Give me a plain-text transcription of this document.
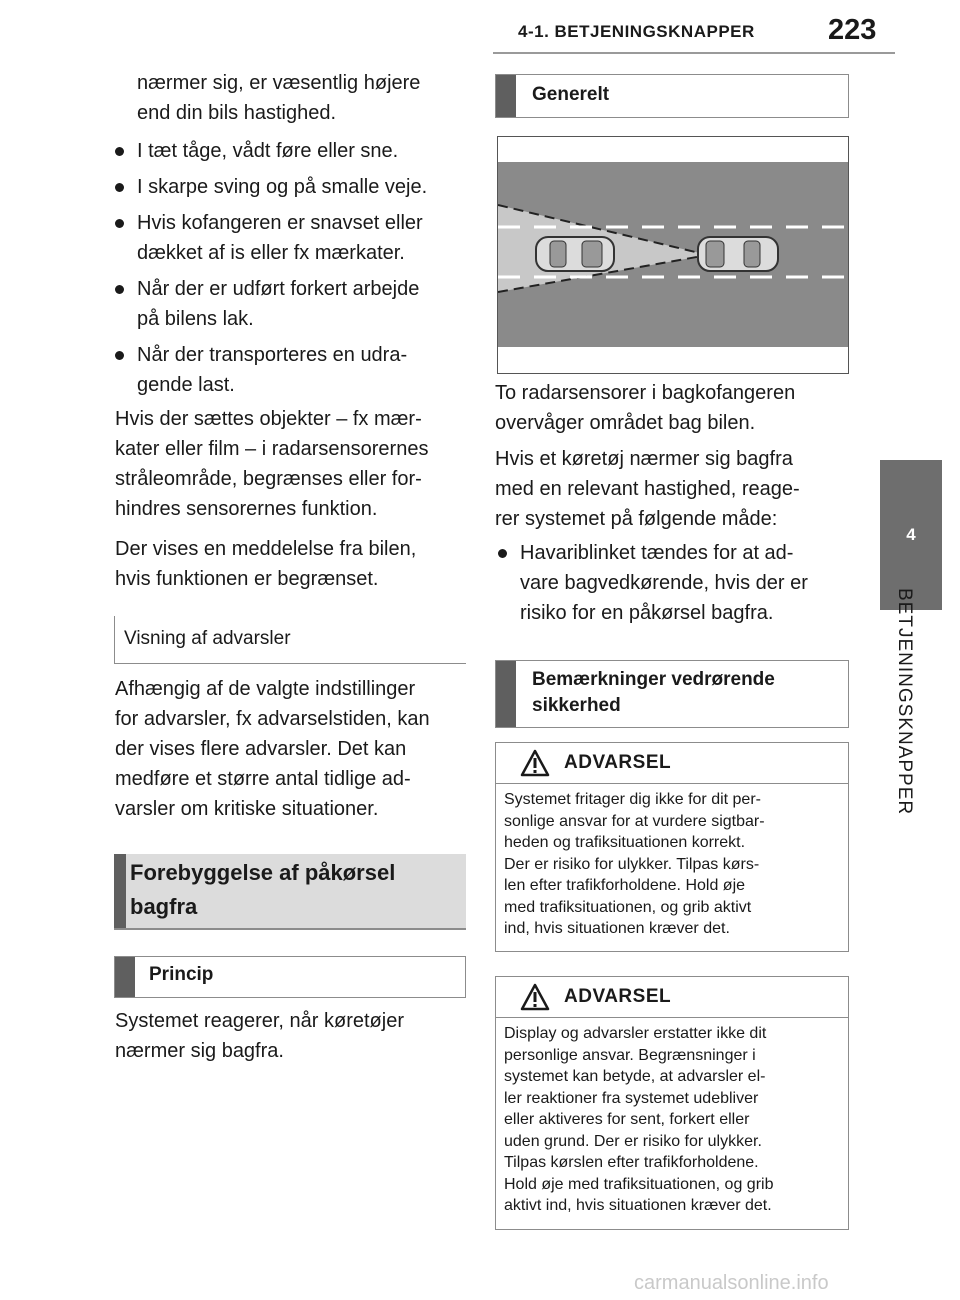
4-1. BETJENINGSKNAPPER	223
4
BETJENINGSKNAPPER
nærmer sig, er væsentlig højere
end din bils hastighed.
I tæt tåge, vådt føre eller sne.
I skarpe sving og på smalle veje.
Hvis kofangeren er snavset eller
dækket af is eller fx mærkater.
Når der er udført forkert arbejde
på bilens lak.
Når der transporteres en udra-
gende last.
Hvis der sættes objekter – fx mær-
kater eller film – i radarsensorernes
stråleområde, begrænses eller for-
hindres sensorernes funktion.
Der vises en meddelelse fra bilen,
hvis funktionen er begrænset.
Visning af advarsler
Afhængig af de valgte indstillinger
for advarsler, fx advarselstiden, kan
der vises flere advarsler. Det kan
medføre et større antal tidlige ad-
varsler om kritiske situationer.
Forebyggelse af påkørsel
bagfra
Princip
Systemet reagerer, når køretøjer
nærmer sig bagfra.
Generelt
To radarsensorer i bagkofangeren
overvåger området bag bilen.
Hvis et køretøj nærmer sig bagfra
med en relevant hastighed, reage-
rer systemet på følgende måde:
Havariblinket tændes for at ad-
vare bagvedkørende, hvis der er
risiko for en påkørsel bagfra.
Bemærkninger vedrørende
sikkerhed
ADVARSEL
Systemet fritager dig ikke for dit per-
sonlige ansvar for at vurdere sigtbar-
heden og trafiksituationen korrekt.
Der er risiko for ulykker. Tilpas kørs-
len efter trafikforholdene. Hold øje
med trafiksituationen, og grib aktivt
ind, hvis situationen kræver det.
ADVARSEL
Display og advarsler erstatter ikke dit
personlige ansvar. Begrænsninger i
systemet kan betyde, at advarsler el-
ler reaktioner fra systemet udebliver
eller aktiveres for sent, forkert eller
uden grund. Der er risiko for ulykker.
Tilpas kørslen efter trafikforholdene.
Hold øje med trafiksituationen, og grib
aktivt ind, hvis situationen kræver det.
carmanualsonline.info
